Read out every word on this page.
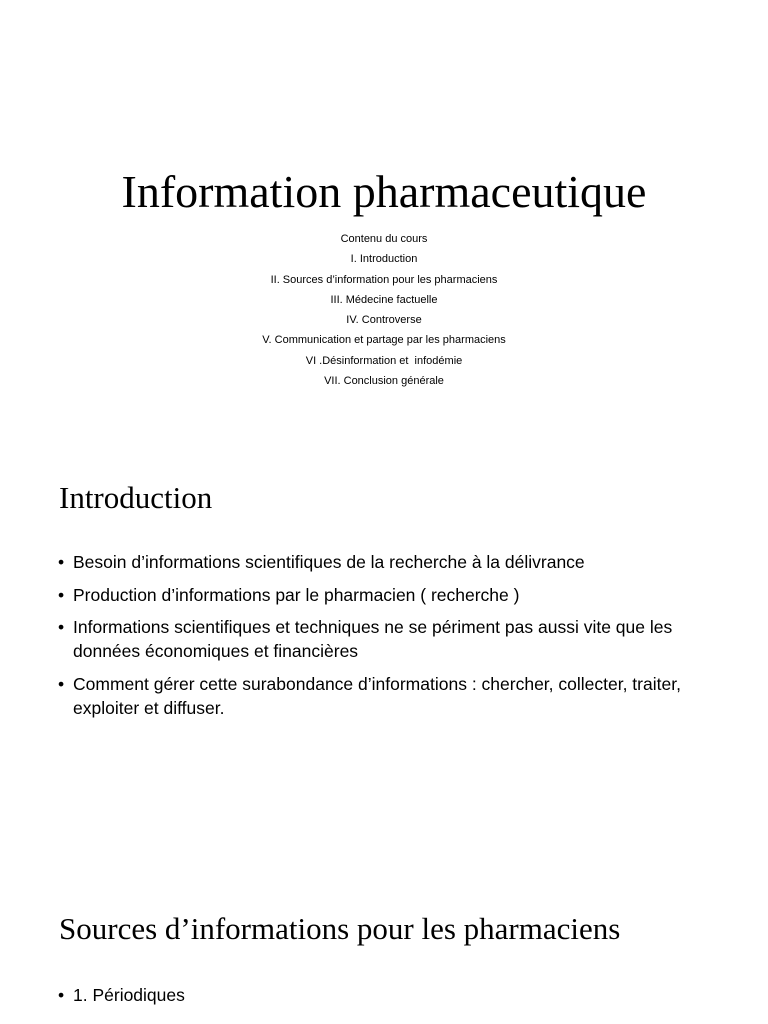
Information pharmaceutique
Contenu du cours
I. Introduction
II. Sources d’information pour les pharmaciens
III. Médecine factuelle
IV. Controverse
V. Communication et partage par les pharmaciens
VI .Désinformation et  infodémie
VII. Conclusion générale
Introduction
• Besoin d’informations scientifiques de la recherche à la délivrance
• Production d’informations par le pharmacien ( recherche )
• Informations scientifiques et techniques ne se périment pas aussi vite que les données économiques et financières
• Comment gérer cette surabondance d’informations : chercher, collecter, traiter, exploiter et diffuser.
Sources d’informations pour les pharmaciens
• 1. Périodiques
